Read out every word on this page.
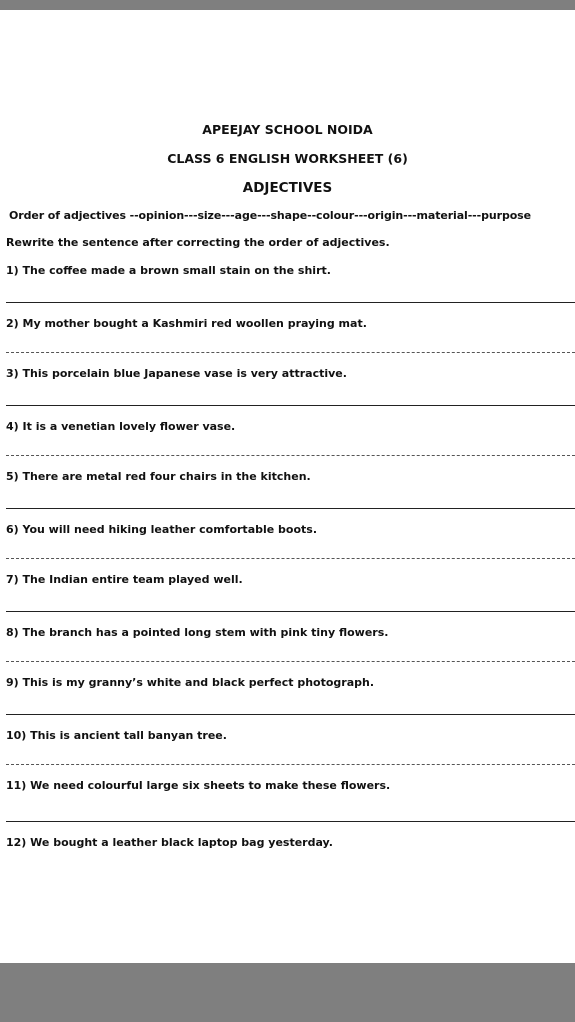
APEEJAY SCHOOL NOIDA
CLASS 6 ENGLISH WORKSHEET (6)
ADJECTIVES
Order of adjectives --opinion---size---age---shape--colour---origin---material---purpose
Rewrite the sentence after correcting the order of adjectives.
1) The coffee made a brown small stain on the shirt.
2) My mother bought a Kashmiri red woollen praying mat.
3) This porcelain blue Japanese vase is very attractive.
4) It is a venetian lovely flower vase.
5) There are metal red four chairs in the kitchen.
6) You will need hiking leather comfortable boots.
7) The Indian entire team played well.
8) The branch has a pointed long stem with pink tiny flowers.
9) This is my granny’s white and black perfect photograph.
10) This is ancient tall banyan tree.
11) We need colourful large six sheets to make these flowers.
12) We bought a leather black laptop bag yesterday.
